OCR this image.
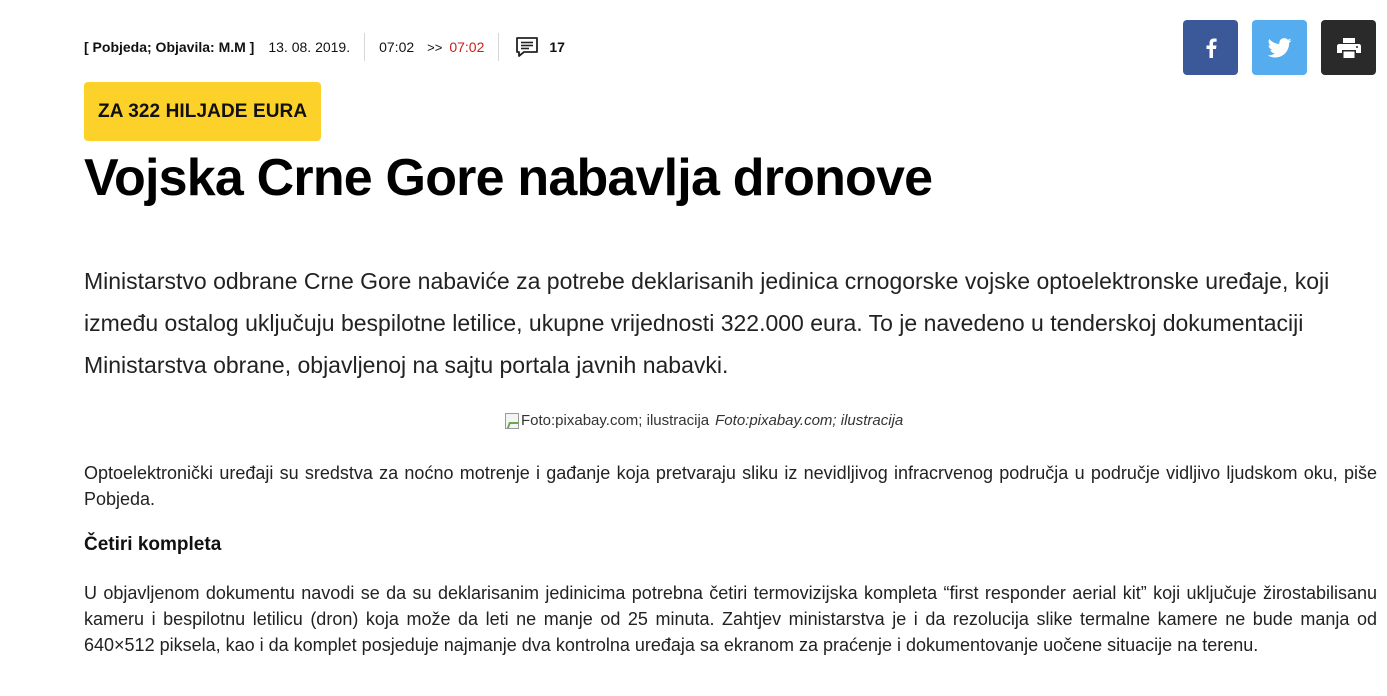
[ Pobjeda; Objavila: M.M ] 13. 08. 2019. 07:02 >> 07:02	17
ZA 322 HILJADE EURA
Vojska Crne Gore nabavlja dronove

Ministarstvo odbrane Crne Gore nabaviće za potrebe deklarisanih jedinica crnogorske vojske optoelektronske uređaje, koji između ostalog uključuju bespilotne letilice, ukupne vrijednosti 322.000 eura. To je navedeno u tenderskoj dokumentaciji Ministarstva obrane, objavljenoj na sajtu portala javnih nabavki.

Foto:pixabay.com; ilustracija Foto:pixabay.com; ilustracija

Optoelektronički uređaji su sredstva za noćno motrenje i gađanje koja pretvaraju sliku iz nevidljivog infracrvenog područja u područje vidljivo ljudskom oku, piše Pobjeda.

Četiri kompleta

U objavljenom dokumentu navodi se da su deklarisanim jedinicima potrebna četiri termovizijska kompleta “first responder aerial kit” koji uključuje žirostabilisanu kameru i bespilotnu letilicu (dron) koja može da leti ne manje od 25 minuta. Zahtjev ministarstva je i da rezolucija slike termalne kamere ne bude manja od 640×512 piksela, kao i da komplet posjeduje najmanje dva kontrolna uređaja sa ekranom za praćenje i dokumentovanje uočene situacije na terenu.
